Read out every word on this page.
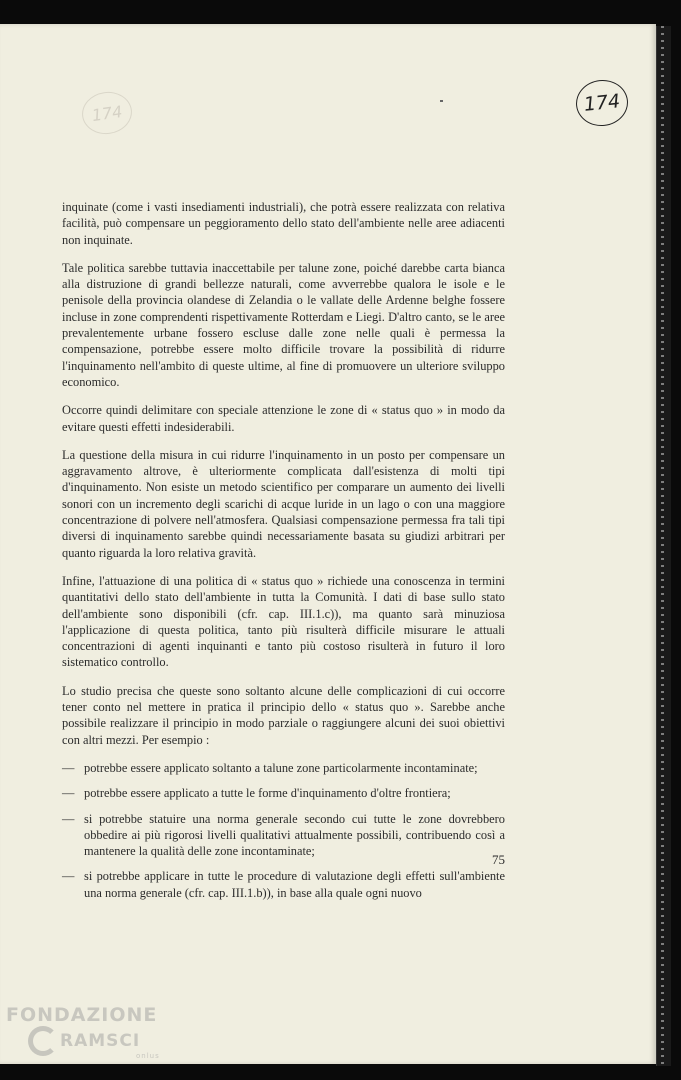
174	174

inquinate (come i vasti insediamenti industriali), che potrà essere realizzata con relativa facilità, può compensare un peggioramento dello stato dell'ambiente nelle aree adiacenti non inquinate.

Tale politica sarebbe tuttavia inaccettabile per talune zone, poiché darebbe carta bianca alla distruzione di grandi bellezze naturali, come avverrebbe qualora le isole e le penisole della provincia olandese di Zelandia o le vallate delle Ardenne belghe fossere incluse in zone comprendenti rispettivamente Rotterdam e Liegi. D'altro canto, se le aree prevalentemente urbane fossero escluse dalle zone nelle quali è permessa la compensazione, potrebbe essere molto difficile trovare la possibilità di ridurre l'inquinamento nell'ambito di queste ultime, al fine di promuovere un ulteriore sviluppo economico.

Occorre quindi delimitare con speciale attenzione le zone di « status quo » in modo da evitare questi effetti indesiderabili.

La questione della misura in cui ridurre l'inquinamento in un posto per compensare un aggravamento altrove, è ulteriormente complicata dall'esistenza di molti tipi d'inquinamento. Non esiste un metodo scientifico per comparare un aumento dei livelli sonori con un incremento degli scarichi di acque luride in un lago o con una maggiore concentrazione di polvere nell'atmosfera. Qualsiasi compensazione permessa fra tali tipi diversi di inquinamento sarebbe quindi necessariamente basata su giudizi arbitrari per quanto riguarda la loro relativa gravità.

Infine, l'attuazione di una politica di « status quo » richiede una conoscenza in termini quantitativi dello stato dell'ambiente in tutta la Comunità. I dati di base sullo stato dell'ambiente sono disponibili (cfr. cap. III.1.c)), ma quanto sarà minuziosa l'applicazione di questa politica, tanto più risulterà difficile misurare le attuali concentrazioni di agenti inquinanti e tanto più costoso risulterà in futuro il loro sistematico controllo.

Lo studio precisa che queste sono soltanto alcune delle complicazioni di cui occorre tener conto nel mettere in pratica il principio dello « status quo ». Sarebbe anche possibile realizzare il principio in modo parziale o raggiungere alcuni dei suoi obiettivi con altri mezzi. Per esempio :

— potrebbe essere applicato soltanto a talune zone particolarmente incontaminate;
— potrebbe essere applicato a tutte le forme d'inquinamento d'oltre frontiera;
— si potrebbe statuire una norma generale secondo cui tutte le zone dovrebbero obbedire ai più rigorosi livelli qualitativi attualmente possibili, contribuendo così a mantenere la qualità delle zone incontaminate;
— si potrebbe applicare in tutte le procedure di valutazione degli effetti sull'ambiente una norma generale (cfr. cap. III.1.b)), in base alla quale ogni nuovo
75
FONDAZIONE
RAMSCI
onlus
